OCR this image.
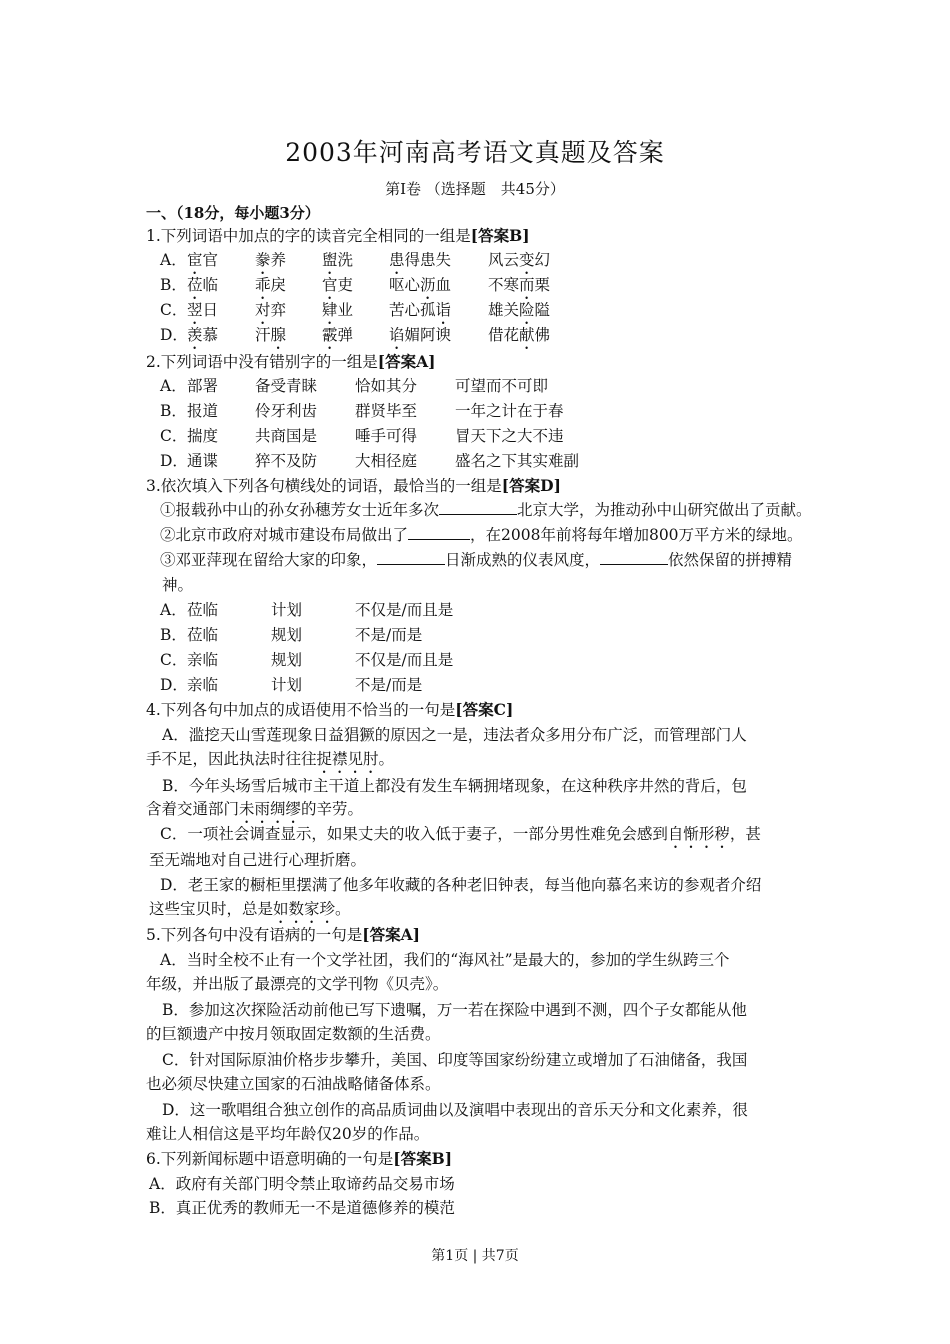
2003年河南高考语文真题及答案
第Ⅰ卷 （选择题　共45分）
一、（18分，每小题3分）
1.下列词语中加点的字的读音完全相同的一组是[答案B]
A． 宦官 豢养 盥洗 患得患失 风云变幻
B． 莅临 乖戾 官吏 呕心沥血 不寒而栗
C． 翌日 对弈 肄业 苦心孤诣 雄关险隘
D． 羡慕 汗腺 霰弹 谄媚阿谀 借花献佛
2.下列词语中没有错别字的一组是[答案A]
A． 部署 备受青睐 恰如其分 可望而不可即
B． 报道 伶牙利齿 群贤毕至 一年之计在于春
C． 揣度 共商国是 唾手可得 冒天下之大不违
D． 通谍 猝不及防 大相径庭 盛名之下其实难副
3.依次填入下列各句横线处的词语，最恰当的一组是[答案D]
①报载孙中山的孙女孙穗芳女士近年多次	北京大学，为推动孙中山研究做出了贡献。
②北京市政府对城市建设布局做出了	，在2008年前将每年增加800万平方米的绿地。
③邓亚萍现在留给大家的印象，	日渐成熟的仪表风度，	依然保留的拼搏精
神。
A． 莅临	计划	不仅是/而且是
B． 莅临	规划	不是/而是
C． 亲临	规划	不仅是/而且是
D． 亲临	计划	不是/而是
4.下列各句中加点的成语使用不恰当的一句是[答案C]
A．滥挖天山雪莲现象日益猖獗的原因之一是，违法者众多用分布广泛，而管理部门人
手不足，因此执法时往往捉襟见肘。
B．今年头场雪后城市主干道上都没有发生车辆拥堵现象，在这种秩序井然的背后，包
含着交通部门未雨绸缪的辛劳。
C．一项社会调查显示，如果丈夫的收入低于妻子，一部分男性难免会感到自惭形秽，甚
至无端地对自己进行心理折磨。
D．老王家的橱柜里摆满了他多年收藏的各种老旧钟表，每当他向慕名来访的参观者介绍
这些宝贝时，总是如数家珍。
5.下列各句中没有语病的一句是[答案A]
A．当时全校不止有一个文学社团，我们的“海风社”是最大的，参加的学生纵跨三个
年级，并出版了最漂亮的文学刊物《贝壳》。
B．参加这次探险活动前他已写下遗嘱，万一若在探险中遇到不测，四个子女都能从他
的巨额遗产中按月领取固定数额的生活费。
C．针对国际原油价格步步攀升，美国、印度等国家纷纷建立或增加了石油储备，我国
也必须尽快建立国家的石油战略储备体系。
D．这一歌唱组合独立创作的高品质词曲以及演唱中表现出的音乐天分和文化素养，很
难让人相信这是平均年龄仅20岁的作品。
6.下列新闻标题中语意明确的一句是[答案B]
A．政府有关部门明令禁止取谛药品交易市场
B．真正优秀的教师无一不是道德修养的模范
第1页 | 共7页
